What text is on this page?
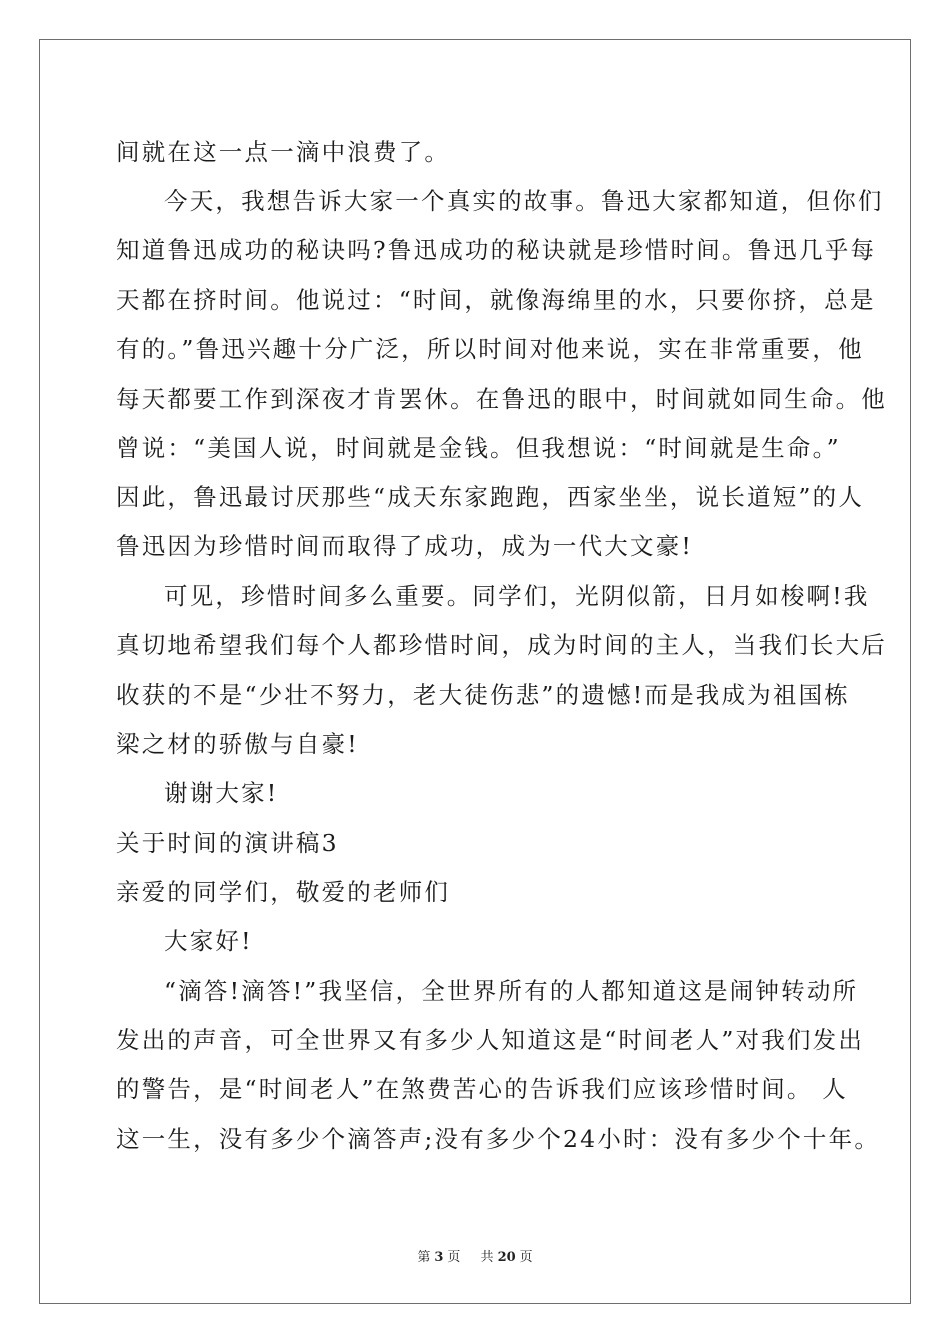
间就在这一点一滴中浪费了。
今天，我想告诉大家一个真实的故事。鲁迅大家都知道，但你们
知道鲁迅成功的秘诀吗?鲁迅成功的秘诀就是珍惜时间。鲁迅几乎每
天都在挤时间。他说过：“时间，就像海绵里的水，只要你挤，总是
有的。”鲁迅兴趣十分广泛，所以时间对他来说，实在非常重要，他
每天都要工作到深夜才肯罢休。在鲁迅的眼中，时间就如同生命。他
曾说：“美国人说，时间就是金钱。但我想说：“时间就是生命。”
因此，鲁迅最讨厌那些“成天东家跑跑，西家坐坐，说长道短”的人
鲁迅因为珍惜时间而取得了成功，成为一代大文豪!
可见，珍惜时间多么重要。同学们，光阴似箭，日月如梭啊!我
真切地希望我们每个人都珍惜时间，成为时间的主人，当我们长大后
收获的不是“少壮不努力，老大徒伤悲”的遗憾!而是我成为祖国栋
梁之材的骄傲与自豪!
谢谢大家!
关于时间的演讲稿3
亲爱的同学们，敬爱的老师们
大家好!
“滴答!滴答!”我坚信，全世界所有的人都知道这是闹钟转动所
发出的声音，可全世界又有多少人知道这是“时间老人”对我们发出
的警告，是“时间老人”在煞费苦心的告诉我们应该珍惜时间。 人
这一生，没有多少个滴答声;没有多少个24小时：没有多少个十年。
第 3 页 共 20 页
